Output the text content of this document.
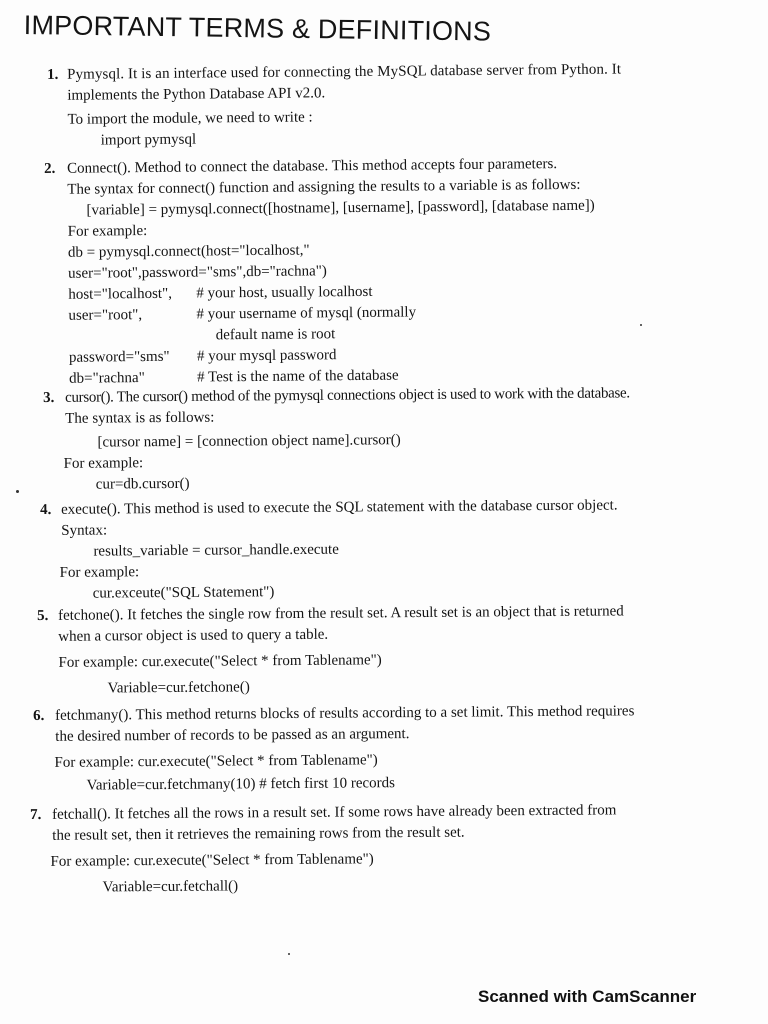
IMPORTANT TERMS & DEFINITIONS
1. Pymysql. It is an interface used for connecting the MySQL database server from Python. It
implements the Python Database API v2.0.
To import the module, we need to write :
import pymysql
2. Connect(). Method to connect the database. This method accepts four parameters.
The syntax for connect() function and assigning the results to a variable is as follows:
[variable] = pymysql.connect([hostname], [username], [password], [database name])
For example:
db = pymysql.connect(host="localhost,"
user="root",password="sms",db="rachna")
host="localhost", # your host, usually localhost
user="root",	# your username of mysql (normally
default name is root
password="sms" # your mysql password
db="rachna"	# Test is the name of the database
3. cursor(). The cursor() method of the pymysql connections object is used to work with the database.
The syntax is as follows:
[cursor name] = [connection object name].cursor()
For example:
cur=db.cursor()
4. execute(). This method is used to execute the SQL statement with the database cursor object.
Syntax:
results_variable = cursor_handle.execute
For example:
cur.exceute("SQL Statement")
5. fetchone(). It fetches the single row from the result set. A result set is an object that is returned
when a cursor object is used to query a table.
For example: cur.execute("Select * from Tablename")
Variable=cur.fetchone()
6. fetchmany(). This method returns blocks of results according to a set limit. This method requires
the desired number of records to be passed as an argument.
For example: cur.execute("Select * from Tablename")
Variable=cur.fetchmany(10) # fetch first 10 records
7. fetchall(). It fetches all the rows in a result set. If some rows have already been extracted from
the result set, then it retrieves the remaining rows from the result set.
For example: cur.execute("Select * from Tablename")
Variable=cur.fetchall()
Scanned with CamScanner
